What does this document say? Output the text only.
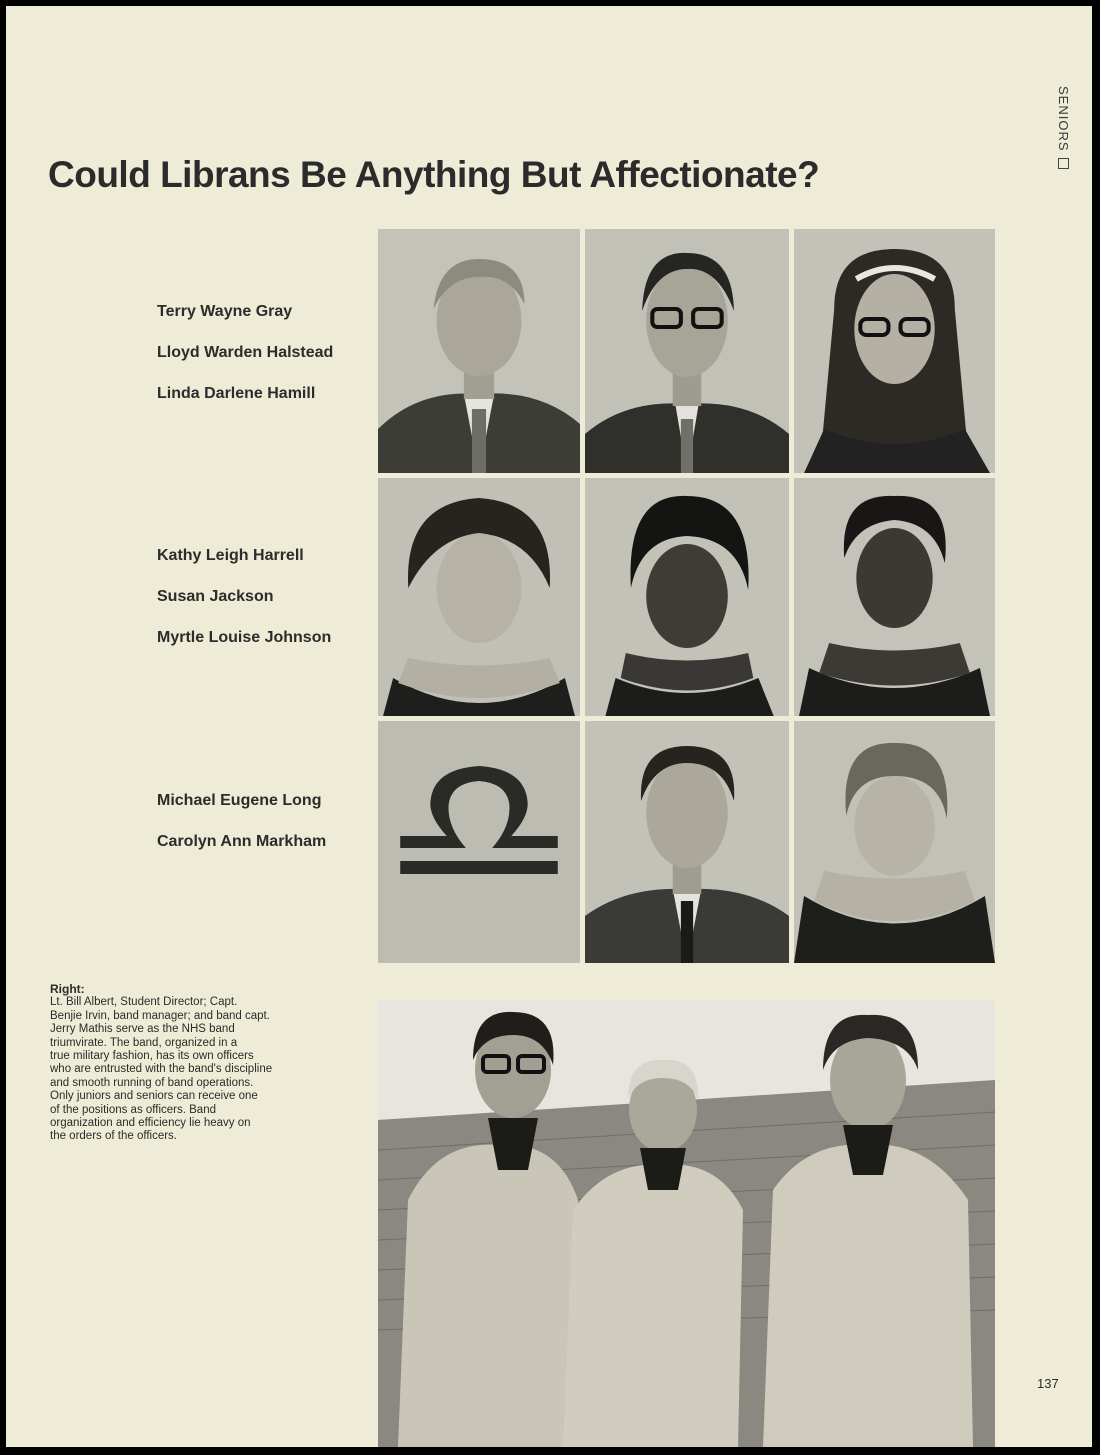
SENIORS
Could Librans Be Anything But Affectionate?
Terry Wayne Gray
Lloyd Warden Halstead
Linda Darlene Hamill
Kathy Leigh Harrell
Susan Jackson
Myrtle Louise Johnson
Michael Eugene Long
Carolyn Ann Markham
Right:
Lt. Bill Albert, Student Director; Capt.
Benjie Irvin, band manager; and band capt.
Jerry Mathis serve as the NHS band
triumvirate. The band, organized in a
true military fashion, has its own officers
who are entrusted with the band's discipline
and smooth running of band operations.
Only juniors and seniors can receive one
of the positions as officers. Band
organization and efficiency lie heavy on
the orders of the officers.
137
